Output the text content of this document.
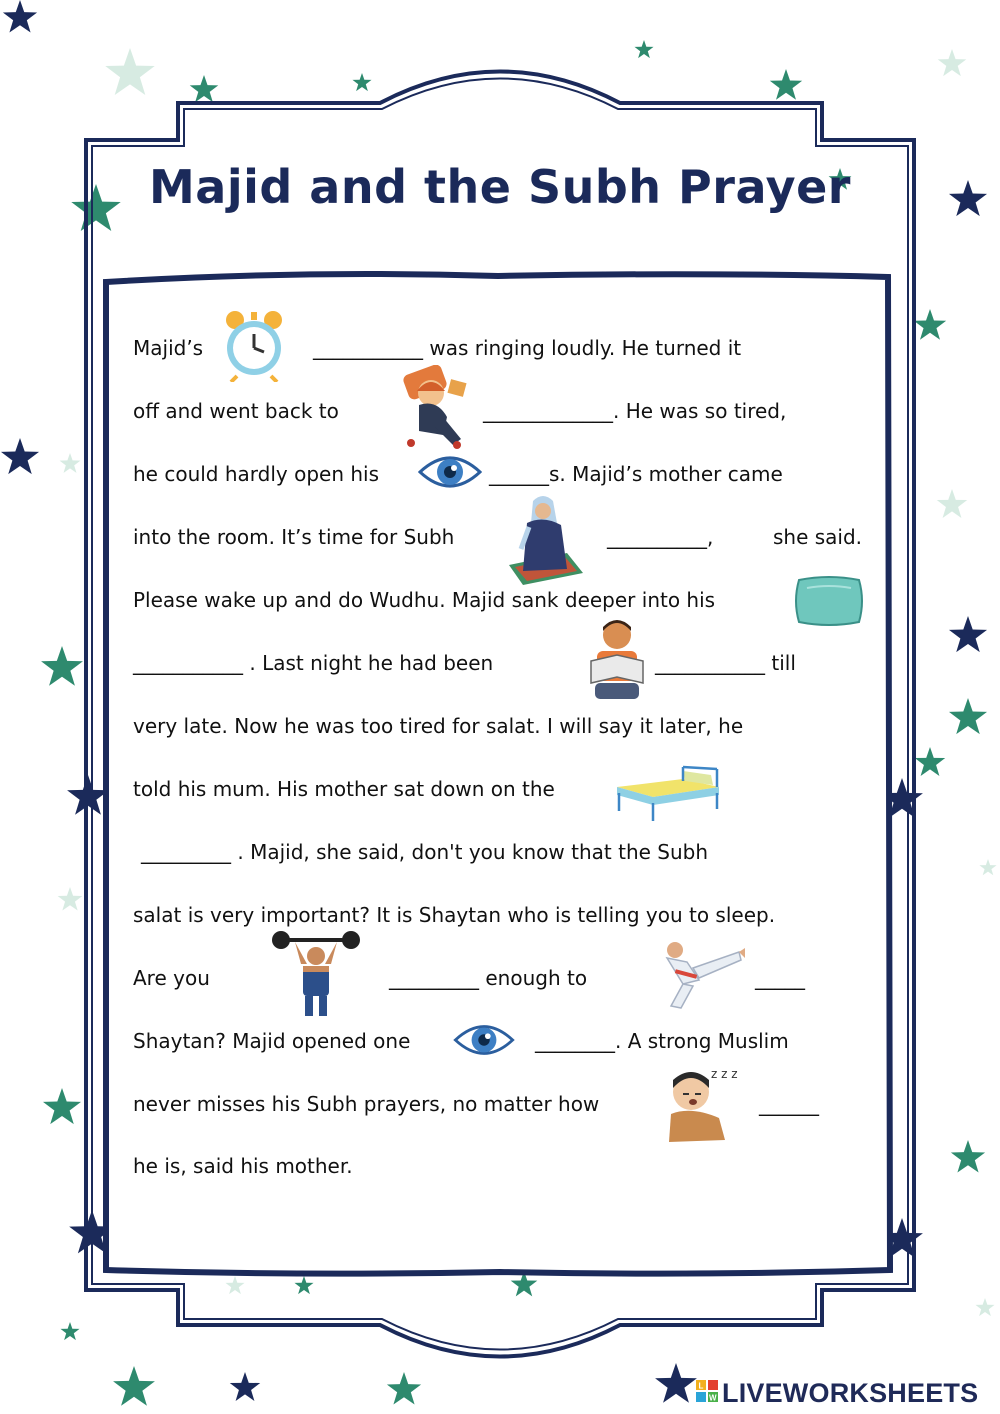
Majid and the Subh Prayer
Majid’s	___________ was ringing loudly. He turned it
off and went back to	_____________. He was so tired,
he could hardly open his	______s. Majid’s mother came
into the room. It’s time for Subh	__________,	she said.
Please wake up and do Wudhu. Majid sank deeper into his
___________ . Last night he had been	___________ till
very late. Now he was too tired for salat. I will say it later, he
told his mum. His mother sat down on the
_________ . Majid, she said, don't you know that the Subh
salat is very important? It is Shaytan who is telling you to sleep.
Are you	_________ enough to	_____
Shaytan? Majid opened one	________. A strong Muslim
never misses his Subh prayers, no matter how
z z z
______
he is, said his mother.
L
W LIVEWORKSHEETS
